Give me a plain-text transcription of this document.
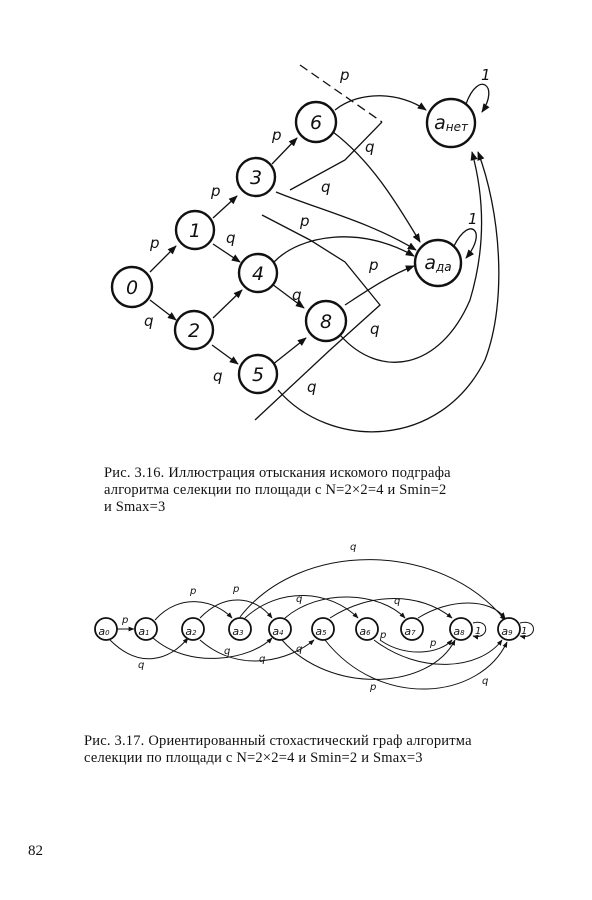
0
1
2
3
4
5
6
8
$a_{нет}$
$a_{да}$
p
q
p
q
q
p
p
q
q
p
q
p
q
q
1
1
Рис. 3.16. Иллюстрация отыскания искомого подграфа
алгоритма селекции по площади с N=2×2=4 и Smin=2
и Smax=3
a0	a1	a2	a3	a4	a5	a6	a7	a8	a9
p
q
p	p
q
q
q
q	q
p
p
p
q
q
1	1
Рис. 3.17. Ориентированный стохастический граф алгоритма
селекции по площади с N=2×2=4 и Smin=2 и Smax=3
82
